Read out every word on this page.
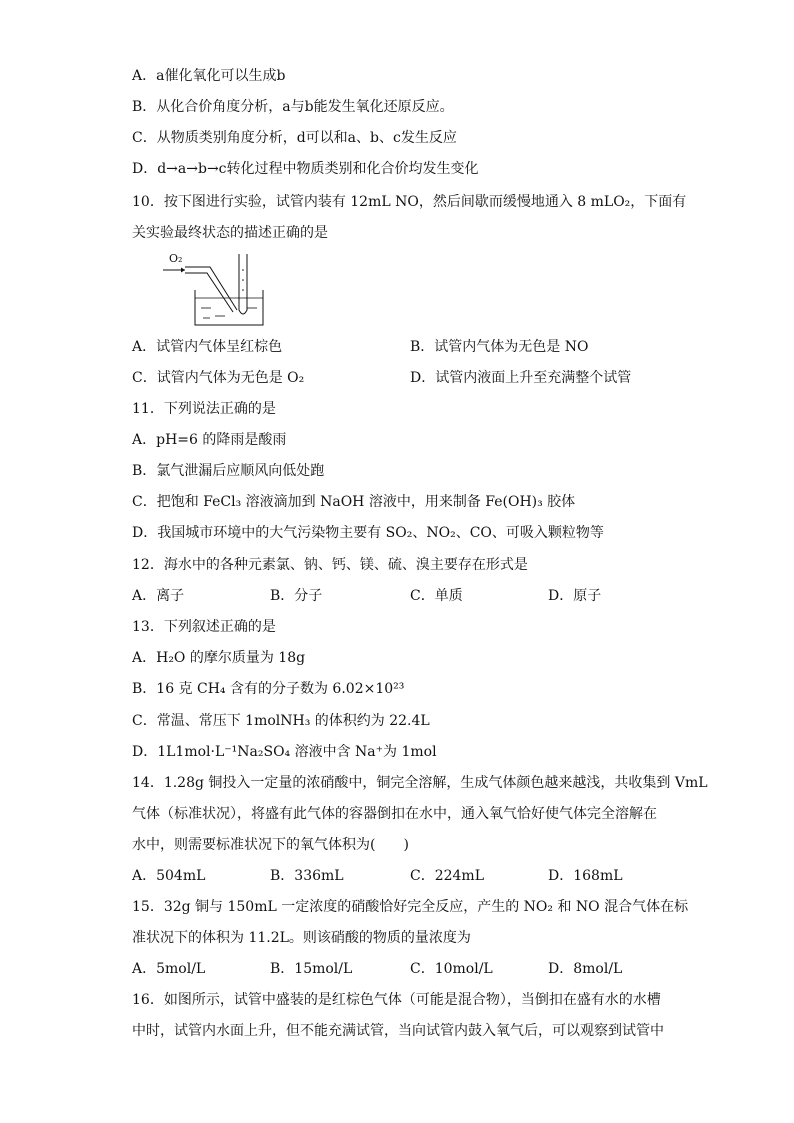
A．a催化氧化可以生成b
B．从化合价角度分析，a与b能发生氧化还原反应。
C．从物质类别角度分析，d可以和a、b、c发生反应
D．d→a→b→c转化过程中物质类别和化合价均发生变化
10．按下图进行实验，试管内装有 12mL NO，然后间歇而缓慢地通入 8 mLO₂，下面有
关实验最终状态的描述正确的是
O₂
A．试管内气体呈红棕色	B．试管内气体为无色是 NO
C．试管内气体为无色是 O₂	D．试管内液面上升至充满整个试管
11．下列说法正确的是
A．pH=6 的降雨是酸雨
B．氯气泄漏后应顺风向低处跑
C．把饱和 FeCl₃ 溶液滴加到 NaOH 溶液中，用来制备 Fe(OH)₃ 胶体
D．我国城市环境中的大气污染物主要有 SO₂、NO₂、CO、可吸入颗粒物等
12．海水中的各种元素氯、钠、钙、镁、硫、溴主要存在形式是
A．离子	B．分子	C．单质	D．原子
13．下列叙述正确的是
A．H₂O 的摩尔质量为 18g
B．16 克 CH₄ 含有的分子数为 6.02×10²³
C．常温、常压下 1molNH₃ 的体积约为 22.4L
D．1L1mol·L⁻¹Na₂SO₄ 溶液中含 Na⁺为 1mol
14．1.28g 铜投入一定量的浓硝酸中，铜完全溶解，生成气体颜色越来越浅，共收集到 VmL
气体（标准状况），将盛有此气体的容器倒扣在水中，通入氧气恰好使气体完全溶解在
水中，则需要标准状况下的氧气体积为(　　)
A．504mL	B．336mL	C．224mL	D．168mL
15．32g 铜与 150mL 一定浓度的硝酸恰好完全反应，产生的 NO₂ 和 NO 混合气体在标
准状况下的体积为 11.2L。则该硝酸的物质的量浓度为
A．5mol/L	B．15mol/L	C．10mol/L	D．8mol/L
16．如图所示，试管中盛装的是红棕色气体（可能是混合物），当倒扣在盛有水的水槽
中时，试管内水面上升，但不能充满试管，当向试管内鼓入氧气后，可以观察到试管中
